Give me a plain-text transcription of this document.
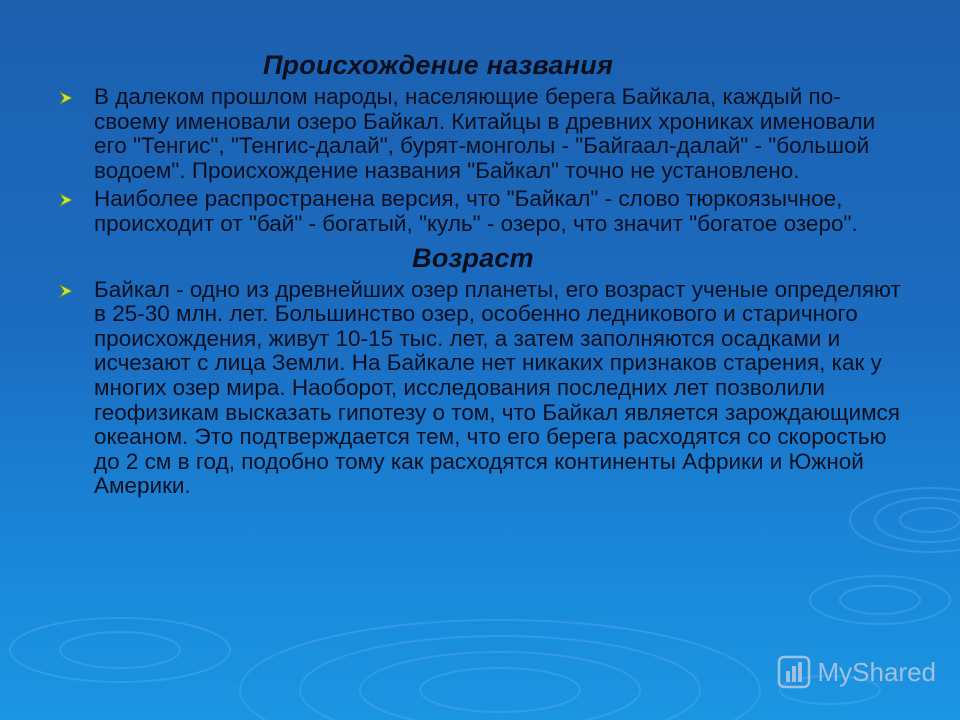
Происхождение названия
В далеком прошлом народы, населяющие берега Байкала, каждый по-своему именовали озеро Байкал. Китайцы в древних хрониках именовали его "Тенгис", "Тенгис-далай", бурят-монголы - "Байгаал-далай" - "большой водоем". Происхождение названия "Байкал" точно не установлено.
Наиболее распространена версия, что "Байкал" - слово тюркоязычное, происходит от "бай" - богатый, "куль" - озеро, что значит "богатое озеро".
Возраст
Байкал - одно из древнейших озер планеты, его возраст ученые определяют в 25-30 млн. лет. Большинство озер, особенно ледникового и старичного происхождения, живут 10-15 тыс. лет, а затем заполняются осадками и исчезают с лица Земли. На Байкале нет никаких признаков старения, как у многих озер мира. Наоборот, исследования последних лет позволили геофизикам высказать гипотезу о том, что Байкал является зарождающимся океаном. Это подтверждается тем, что его берега расходятся со скоростью до 2 см в год, подобно тому как расходятся континенты Африки и Южной Америки.
MyShared
